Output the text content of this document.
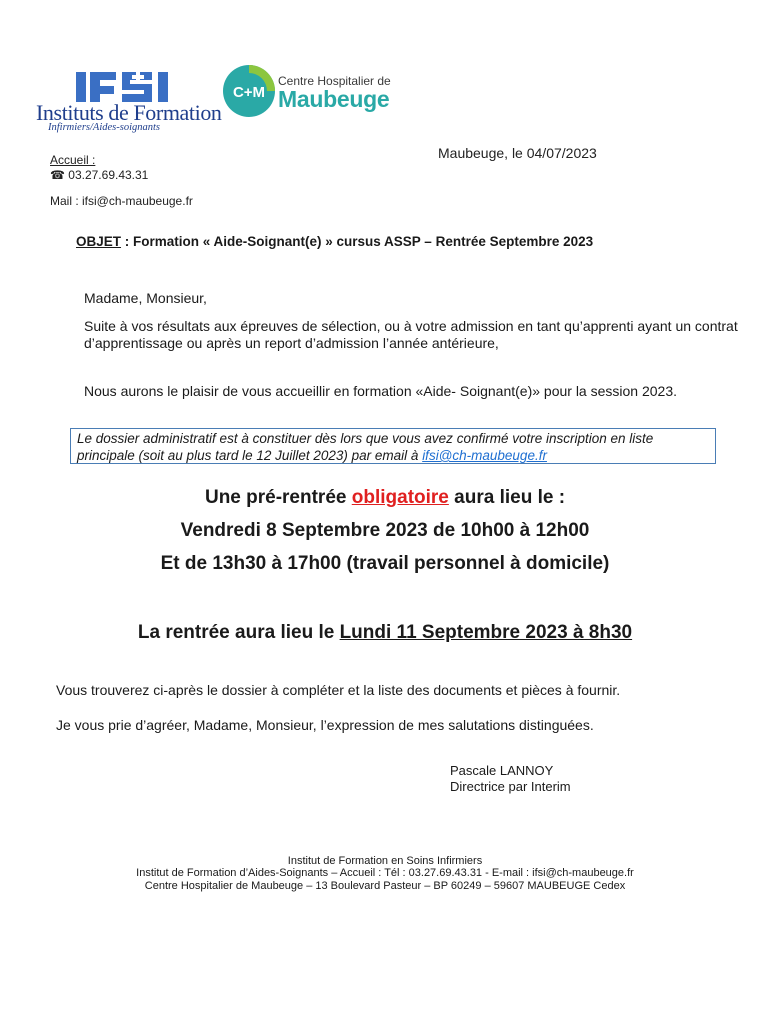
Instituts de Formation
Infirmiers/Aides-soignants
C+M
Centre Hospitalier de
Maubeuge
Accueil :
☎ 03.27.69.43.31
Mail : ifsi@ch-maubeuge.fr
Maubeuge, le 04/07/2023
OBJET : Formation « Aide-Soignant(e) » cursus ASSP – Rentrée Septembre 2023
Madame, Monsieur,
Suite à vos résultats aux épreuves de sélection, ou à votre admission en tant qu’apprenti ayant un contrat d’apprentissage ou après un report d’admission l’année antérieure,
Nous aurons le plaisir de vous accueillir en formation «Aide- Soignant(e)» pour la session 2023.
Le dossier administratif est à constituer dès lors que vous avez confirmé votre inscription en liste principale (soit au plus tard le 12 Juillet 2023) par email à ifsi@ch-maubeuge.fr
Une pré-rentrée obligatoire aura lieu le :
Vendredi 8 Septembre 2023 de 10h00 à 12h00
Et de 13h30 à 17h00 (travail personnel à domicile)
La rentrée aura lieu le Lundi 11 Septembre 2023 à 8h30
Vous trouverez ci-après le dossier à compléter et la liste des documents et pièces à fournir.
Je vous prie d’agréer, Madame, Monsieur, l’expression de mes salutations distinguées.
Pascale LANNOY
Directrice par Interim
Institut de Formation en Soins Infirmiers
Institut de Formation d’Aides-Soignants – Accueil : Tél : 03.27.69.43.31 - E-mail : ifsi@ch-maubeuge.fr
Centre Hospitalier de Maubeuge – 13 Boulevard Pasteur – BP 60249 – 59607 MAUBEUGE Cedex
